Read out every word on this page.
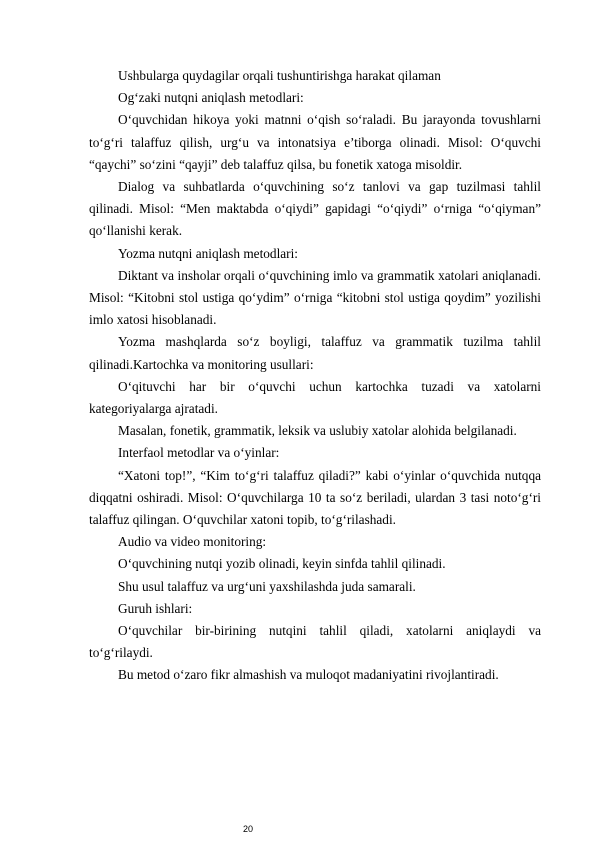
Ushbularga quydagilar orqali tushuntirishga harakat qilaman

Og‘zaki nutqni aniqlash metodlari:

O‘quvchidan hikoya yoki matnni o‘qish so‘raladi. Bu jarayonda tovushlarni to‘g‘ri talaffuz qilish, urg‘u va intonatsiya e’tiborga olinadi. Misol: O‘quvchi “qaychi” so‘zini “qayji” deb talaffuz qilsa, bu fonetik xatoga misoldir.

Dialog va suhbatlarda o‘quvchining so‘z tanlovi va gap tuzilmasi tahlil qilinadi. Misol: “Men maktabda o‘qiydi” gapidagi “o‘qiydi” o‘rniga “o‘qiyman” qo‘llanishi kerak.

Yozma nutqni aniqlash metodlari:

Diktant va insholar orqali o‘quvchining imlo va grammatik xatolari aniqlanadi. Misol: “Kitobni stol ustiga qo‘ydim” o‘rniga “kitobni stol ustiga qoydim” yozilishi imlo xatosi hisoblanadi.

Yozma mashqlarda so‘z boyligi, talaffuz va grammatik tuzilma tahlil qilinadi.Kartochka va monitoring usullari:

O‘qituvchi har bir o‘quvchi uchun kartochka tuzadi va xatolarni kategoriyalarga ajratadi.

Masalan, fonetik, grammatik, leksik va uslubiy xatolar alohida belgilanadi.

Interfaol metodlar va o‘yinlar:

“Xatoni top!”, “Kim to‘g‘ri talaffuz qiladi?” kabi o‘yinlar o‘quvchida nutqqa diqqatni oshiradi. Misol: O‘quvchilarga 10 ta so‘z beriladi, ulardan 3 tasi noto‘g‘ri talaffuz qilingan. O‘quvchilar xatoni topib, to‘g‘rilashadi.

Audio va video monitoring:

O‘quvchining nutqi yozib olinadi, keyin sinfda tahlil qilinadi.

Shu usul talaffuz va urg‘uni yaxshilashda juda samarali.

Guruh ishlari:

O‘quvchilar bir-birining nutqini tahlil qiladi, xatolarni aniqlaydi va to‘g‘rilaydi.

Bu metod o‘zaro fikr almashish va muloqot madaniyatini rivojlantiradi.

20
